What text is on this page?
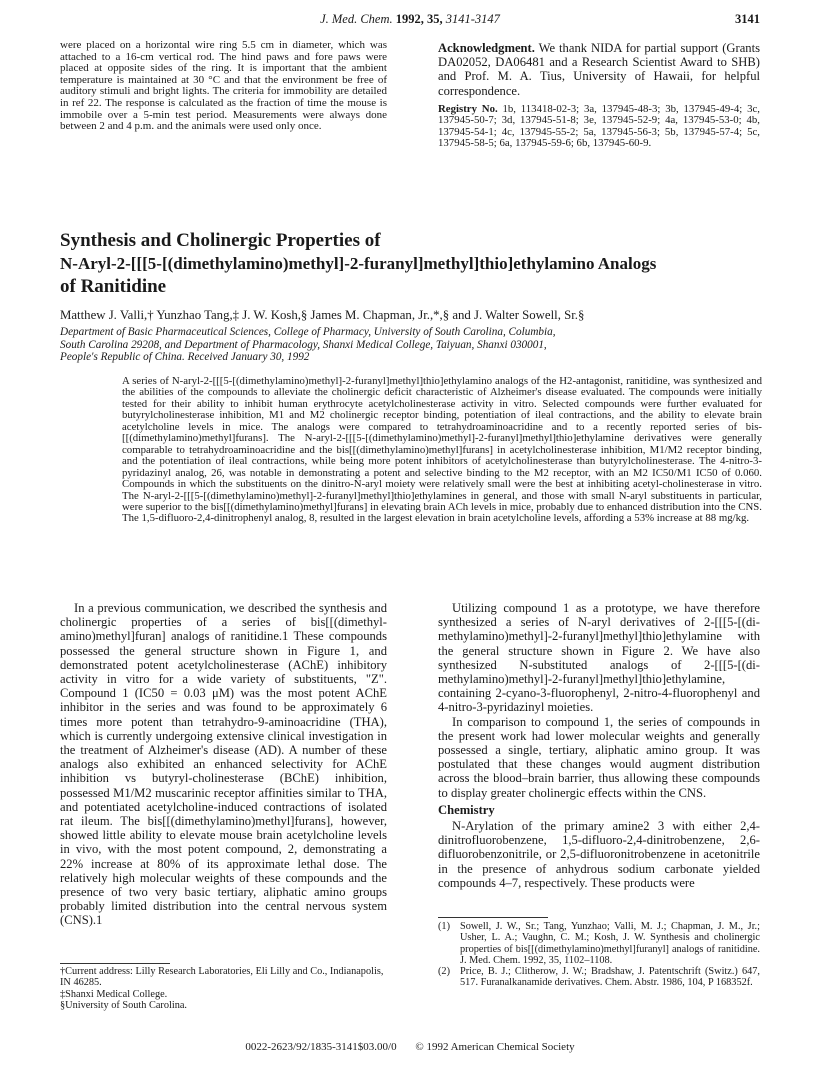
J. Med. Chem. 1992, 35, 3141-3147	3141
were placed on a horizontal wire ring 5.5 cm in diameter, which was attached to a 16-cm vertical rod. The hind paws and fore paws were placed at opposite sides of the ring. It is important that the ambient temperature is maintained at 30 °C and that the environment be free of auditory stimuli and bright lights. The criteria for immobility are detailed in ref 22. The response is calculated as the fraction of time the mouse is immobile over a 5-min test period. Measurements were always done between 2 and 4 p.m. and the animals were used only once.
Acknowledgment. We thank NIDA for partial support (Grants DA02052, DA06481 and a Research Scientist Award to SHB) and Prof. M. A. Tius, University of Hawaii, for helpful correspondence.
Registry No. 1b, 113418-02-3; 3a, 137945-48-3; 3b, 137945-49-4; 3c, 137945-50-7; 3d, 137945-51-8; 3e, 137945-52-9; 4a, 137945-53-0; 4b, 137945-54-1; 4c, 137945-55-2; 5a, 137945-56-3; 5b, 137945-57-4; 5c, 137945-58-5; 6a, 137945-59-6; 6b, 137945-60-9.
Synthesis and Cholinergic Properties of
N-Aryl-2-[[[5-[(dimethylamino)methyl]-2-furanyl]methyl]thio]ethylamino Analogs
of Ranitidine
Matthew J. Valli,† Yunzhao Tang,‡ J. W. Kosh,§ James M. Chapman, Jr.,*,§ and J. Walter Sowell, Sr.§
Department of Basic Pharmaceutical Sciences, College of Pharmacy, University of South Carolina, Columbia,
South Carolina 29208, and Department of Pharmacology, Shanxi Medical College, Taiyuan, Shanxi 030001,
People's Republic of China. Received January 30, 1992
A series of N-aryl-2-[[[5-[(dimethylamino)methyl]-2-furanyl]methyl]thio]ethylamino analogs of the H2-antagonist, ranitidine, was synthesized and the abilities of the compounds to alleviate the cholinergic deficit characteristic of Alzheimer's disease evaluated. The compounds were initially tested for their ability to inhibit human erythrocyte acetylcholinesterase activity in vitro. Selected compounds were further evaluated for butyrylcholinesterase inhibition, M1 and M2 cholinergic receptor binding, potentiation of ileal contractions, and the ability to elevate brain acetylcholine levels in mice. The analogs were compared to tetrahydroaminoacridine and to a recently reported series of bis-[[(dimethylamino)methyl]furans]. The N-aryl-2-[[[5-[(dimethylamino)methyl]-2-furanyl]methyl]thio]ethylamine derivatives were generally comparable to tetrahydroaminoacridine and the bis[[(dimethylamino)methyl]furans] in acetylcholinesterase inhibition, M1/M2 receptor binding, and the potentiation of ileal contractions, while being more potent inhibitors of acetylcholinesterase than butyrylcholinesterase. The 4-nitro-3-pyridazinyl analog, 26, was notable in demonstrating a potent and selective binding to the M2 receptor, with an M2 IC50/M1 IC50 of 0.060. Compounds in which the substituents on the dinitro-N-aryl moiety were relatively small were the best at inhibiting acetyl-cholinesterase in vitro. The N-aryl-2-[[[5-[(dimethylamino)methyl]-2-furanyl]methyl]thio]ethylamines in general, and those with small N-aryl substituents in particular, were superior to the bis[[(dimethylamino)methyl]furans] in elevating brain ACh levels in mice, probably due to enhanced distribution into the CNS. The 1,5-difluoro-2,4-dinitrophenyl analog, 8, resulted in the largest elevation in brain acetylcholine levels, affording a 53% increase at 88 mg/kg.
In a previous communication, we described the synthesis and cholinergic properties of a series of bis[[(dimethyl-amino)methyl]furan] analogs of ranitidine.1 These compounds possessed the general structure shown in Figure 1, and demonstrated potent acetylcholinesterase (AChE) inhibitory activity in vitro for a wide variety of substituents, "Z". Compound 1 (IC50 = 0.03 μM) was the most potent AChE inhibitor in the series and was found to be approximately 6 times more potent than tetrahydro-9-aminoacridine (THA), which is currently undergoing extensive clinical investigation in the treatment of Alzheimer's disease (AD). A number of these analogs also exhibited an enhanced selectivity for AChE inhibition vs butyryl-cholinesterase (BChE) inhibition, possessed M1/M2 muscarinic receptor affinities similar to THA, and potentiated acetylcholine-induced contractions of isolated rat ileum. The bis[[(dimethylamino)methyl]furans], however, showed little ability to elevate mouse brain acetylcholine levels in vivo, with the most potent compound, 2, demonstrating a 22% increase at 80% of its approximate lethal dose. The relatively high molecular weights of these compounds and the presence of two very basic tertiary, aliphatic amino groups probably limited distribution into the central nervous system (CNS).1
Utilizing compound 1 as a prototype, we have therefore synthesized a series of N-aryl derivatives of 2-[[[5-[(di-methylamino)methyl]-2-furanyl]methyl]thio]ethylamine with the general structure shown in Figure 2. We have also synthesized N-substituted analogs of 2-[[[5-[(di-methylamino)methyl]-2-furanyl]methyl]thio]ethylamine, containing 2-cyano-3-fluorophenyl, 2-nitro-4-fluorophenyl and 4-nitro-3-pyridazinyl moieties.
In comparison to compound 1, the series of compounds in the present work had lower molecular weights and generally possessed a single, tertiary, aliphatic amino group. It was postulated that these changes would augment distribution across the blood–brain barrier, thus allowing these compounds to display greater cholinergic effects within the CNS.
Chemistry
N-Arylation of the primary amine2 3 with either 2,4-dinitrofluorobenzene, 1,5-difluoro-2,4-dinitrobenzene, 2,6-difluorobenzonitrile, or 2,5-difluoronitrobenzene in acetonitrile in the presence of anhydrous sodium carbonate yielded compounds 4–7, respectively. These products were
†Current address: Lilly Research Laboratories, Eli Lilly and Co., Indianapolis, IN 46285.
‡Shanxi Medical College.
§University of South Carolina.
(1) Sowell, J. W., Sr.; Tang, Yunzhao; Valli, M. J.; Chapman, J. M., Jr.; Usher, L. A.; Vaughn, C. M.; Kosh, J. W. Synthesis and cholinergic properties of bis[[(dimethylamino)methyl]furanyl] analogs of ranitidine. J. Med. Chem. 1992, 35, 1102–1108.
(2) Price, B. J.; Clitherow, J. W.; Bradshaw, J. Patentschrift (Switz.) 647, 517. Furanalkanamide derivatives. Chem. Abstr. 1986, 104, P 168352f.
0022-2623/92/1835-3141$03.00/0 © 1992 American Chemical Society
